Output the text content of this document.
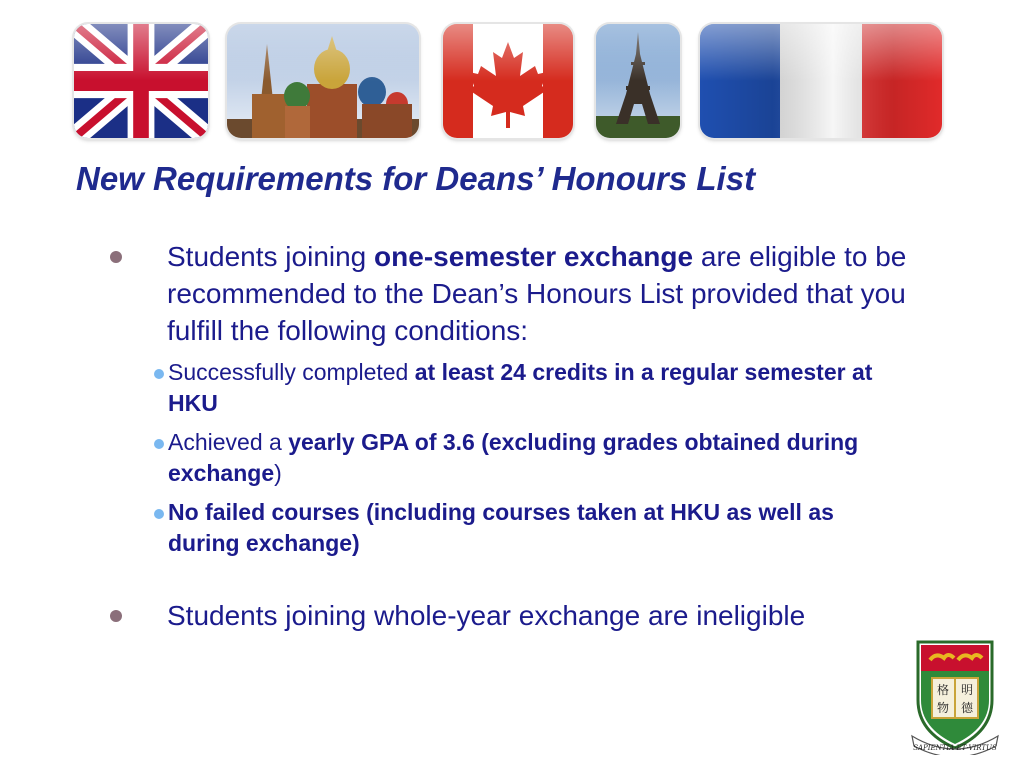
New Requirements for Deans’ Honours List
Students joining one-semester exchange are eligible to be recommended to the Dean’s Honours List provided that you fulfill the following conditions:
Successfully completed at least 24 credits in a regular semester at HKU
Achieved a yearly GPA of 3.6 (excluding grades obtained during exchange)
No failed courses (including courses taken at HKU as well as during exchange)
Students joining whole-year exchange are ineligible
格 明
物 德
SAPIENTIA·ET·VIRTUS
